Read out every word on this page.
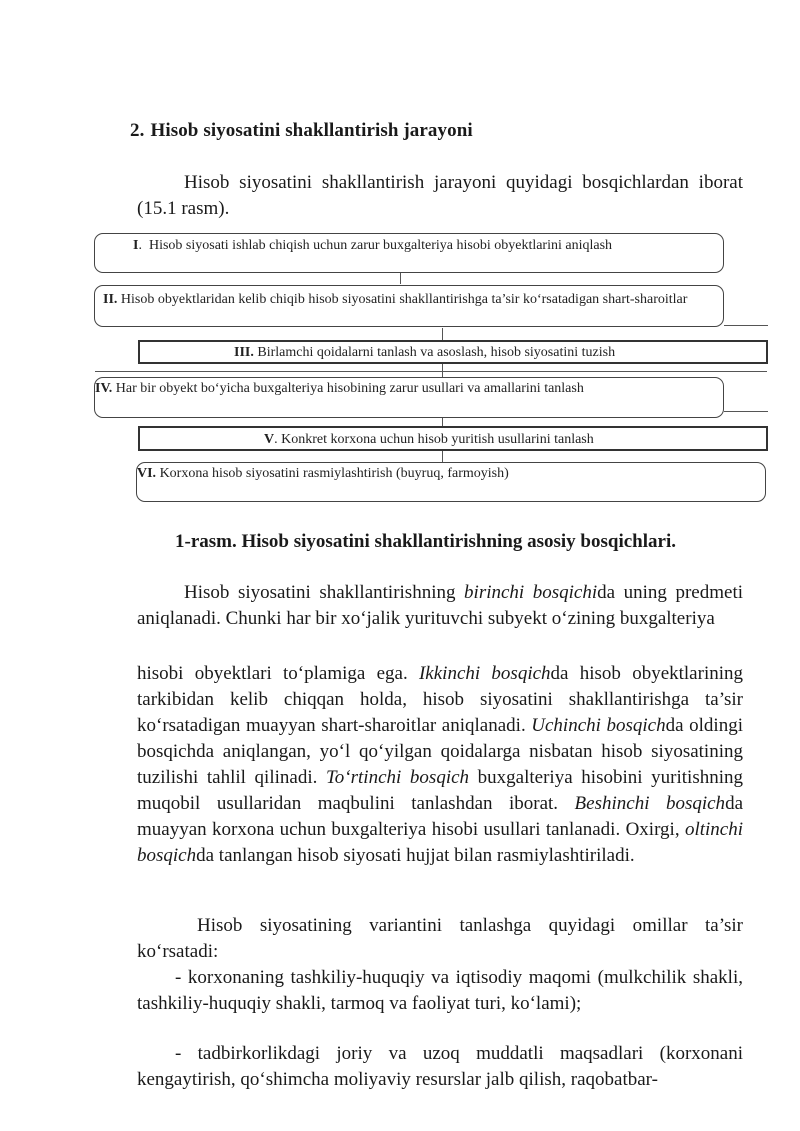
2. Hisob siyosatini shakllantirish jarayoni

Hisob siyosatini shakllantirish jarayoni quyidagi bosqichlardan iborat (15.1 rasm).

I.  Hisob siyosati ishlab chiqish uchun zarur buxgalteriya hisobi obyektlarini aniqlash
II. Hisob obyektlaridan kelib chiqib hisob siyosatini shakllantirishga ta’sir ko‘rsatadigan shart-sharoitlar
III. Birlamchi qoidalarni tanlash va asoslash, hisob siyosatini tuzish
IV. Har bir obyekt bo‘yicha buxgalteriya hisobining zarur usullari va amallarini tanlash
V. Konkret korxona uchun hisob yuritish usullarini tanlash
VI. Korxona hisob siyosatini rasmiylashtirish (buyruq, farmoyish)

1-rasm. Hisob siyosatini shakllantirishning asosiy bosqichlari.

Hisob siyosatini shakllantirishning birinchi bosqichida uning predmeti aniqlanadi. Chunki har bir xo‘jalik yurituvchi subyekt o‘zining buxgalteriya

hisobi obyektlari to‘plamiga ega. Ikkinchi bosqichda hisob obyektlarining tarkibidan kelib chiqqan holda, hisob siyosatini shakllantirishga ta’sir ko‘rsatadigan muayyan shart-sharoitlar aniqlanadi. Uchinchi bosqichda oldingi bosqichda aniqlangan, yo‘l qo‘yilgan qoidalarga nisbatan hisob siyosatining tuzilishi tahlil qilinadi. To‘rtinchi bosqich buxgalteriya hisobini yuritishning muqobil usullaridan maqbulini tanlashdan iborat. Beshinchi bosqichda muayyan korxona uchun buxgalteriya hisobi usullari tanlanadi. Oxirgi, oltinchi bosqichda tanlangan hisob siyosati hujjat bilan rasmiylashtiriladi.

Hisob siyosatining variantini tanlashga quyidagi omillar ta’sir ko‘rsatadi:

- korxonaning tashkiliy-huquqiy va iqtisodiy maqomi (mulkchilik shakli, tashkiliy-huquqiy shakli, tarmoq va faoliyat turi, ko‘lami);

- tadbirkorlikdagi joriy va uzoq muddatli maqsadlari (korxonani kengaytirish, qo‘shimcha moliyaviy resurslar jalb qilish, raqobatbar-
